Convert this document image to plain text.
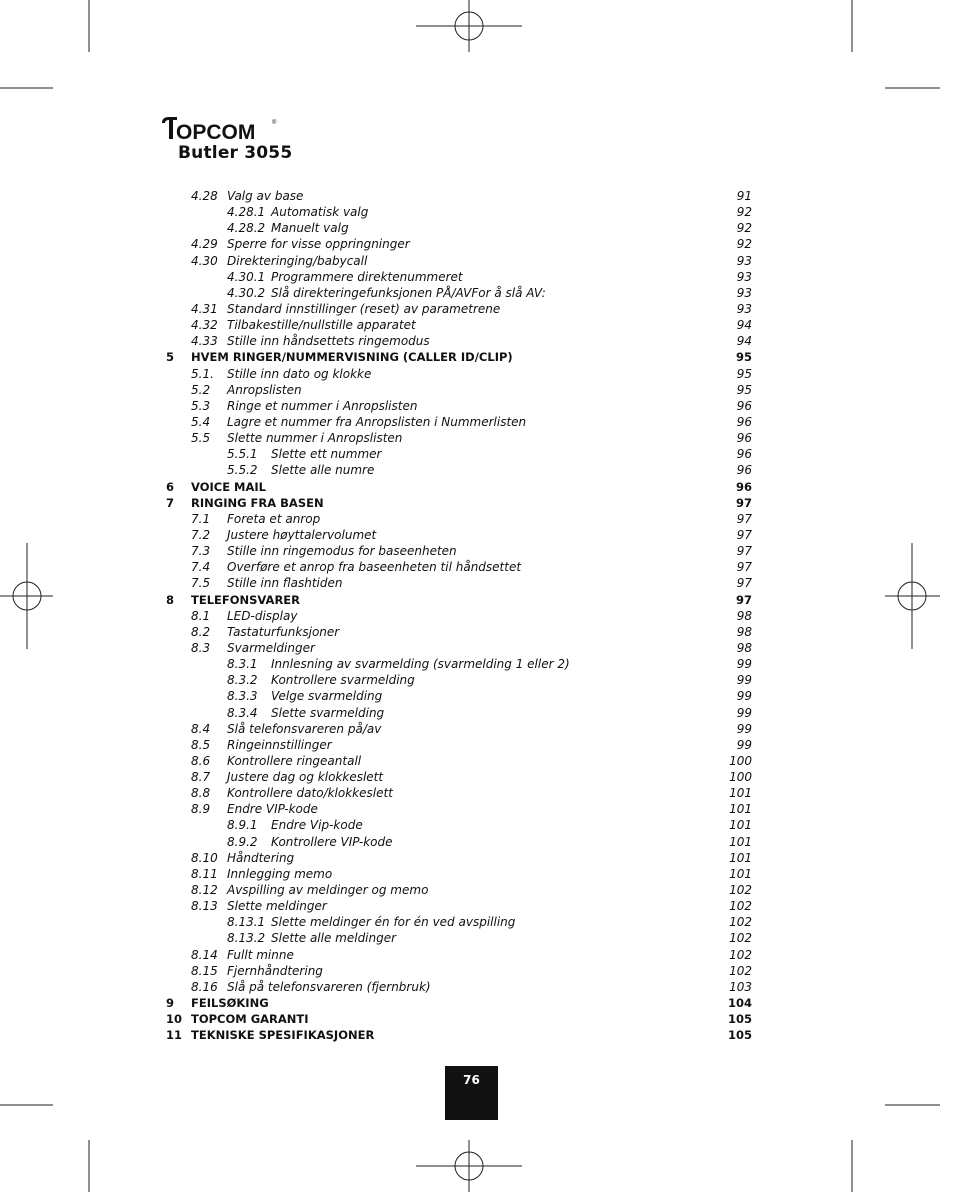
OPCOM	®
Butler 3055
4.28 Valg av base	91
4.28.1 Automatisk valg	92
4.28.2 Manuelt valg	92
4.29 Sperre for visse oppringninger	92
4.30 Direkteringing/babycall	93
4.30.1 Programmere direktenummeret	93
4.30.2 Slå direkteringefunksjonen PÅ/AVFor å slå AV:	93
4.31 Standard innstillinger (reset) av parametrene	93
4.32 Tilbakestille/nullstille apparatet	94
4.33 Stille inn håndsettets ringemodus	94
5 HVEM RINGER/NUMMERVISNING (CALLER ID/CLIP)	95
5.1. Stille inn dato og klokke	95
5.2 Anropslisten	95
5.3 Ringe et nummer i Anropslisten	96
5.4 Lagre et nummer fra Anropslisten i Nummerlisten	96
5.5 Slette nummer i Anropslisten	96
5.5.1 Slette ett nummer	96
5.5.2 Slette alle numre	96
6 VOICE MAIL	96
7 RINGING FRA BASEN	97
7.1 Foreta et anrop	97
7.2 Justere høyttalervolumet	97
7.3 Stille inn ringemodus for baseenheten	97
7.4 Overføre et anrop fra baseenheten til håndsettet	97
7.5 Stille inn flashtiden	97
8 TELEFONSVARER	97
8.1 LED-display	98
8.2 Tastaturfunksjoner	98
8.3 Svarmeldinger	98
8.3.1 Innlesning av svarmelding (svarmelding 1 eller 2)	99
8.3.2 Kontrollere svarmelding	99
8.3.3 Velge svarmelding	99
8.3.4 Slette svarmelding	99
8.4 Slå telefonsvareren på/av	99
8.5 Ringeinnstillinger	99
8.6 Kontrollere ringeantall	100
8.7 Justere dag og klokkeslett	100
8.8 Kontrollere dato/klokkeslett	101
8.9 Endre VIP-kode	101
8.9.1 Endre Vip-kode	101
8.9.2 Kontrollere VIP-kode	101
8.10 Håndtering	101
8.11 Innlegging memo	101
8.12 Avspilling av meldinger og memo	102
8.13 Slette meldinger	102
8.13.1 Slette meldinger én for én ved avspilling	102
8.13.2 Slette alle meldinger	102
8.14 Fullt minne	102
8.15 Fjernhåndtering	102
8.16 Slå på telefonsvareren (fjernbruk)	103
9 FEILSØKING	104
10 TOPCOM GARANTI	105
11 TEKNISKE SPESIFIKASJONER	105
76
